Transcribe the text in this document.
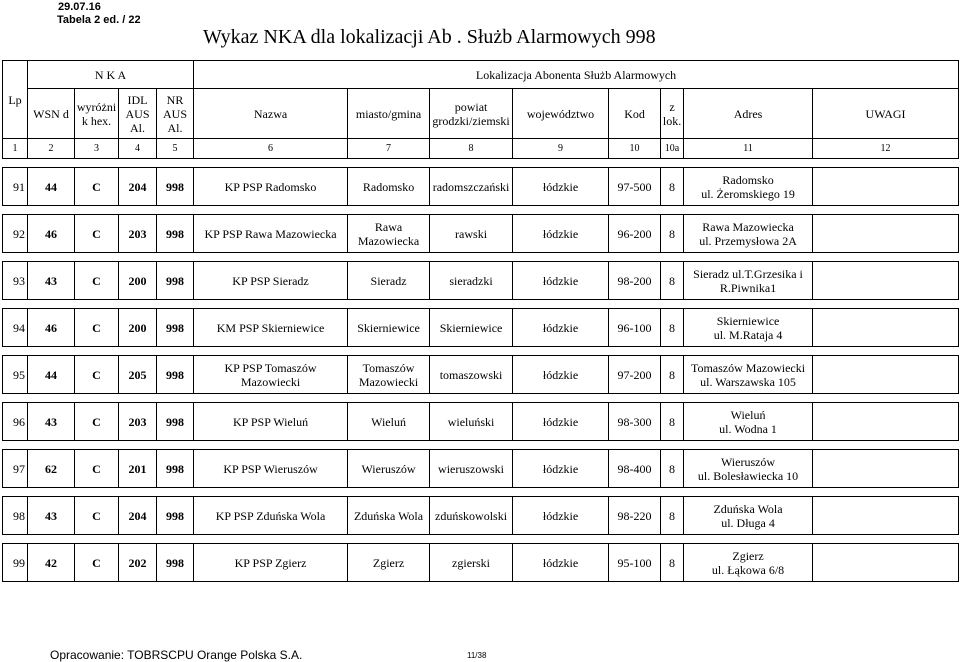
29.07.16
Tabela 2 ed. / 22
Wykaz NKA dla lokalizacji Ab . Służb Alarmowych 998
Lp	N K A				Lokalizacja Abonenta Służb Alarmowych							
	WSN d	wyróżni k hex.	IDL AUS Al.	NR AUS Al.	Nazwa	miasto/gmina	powiat grodzki/ziemski	województwo	Kod	z lok.	Adres	UWAGI
1	2	3	4	5	6	7	8	9	10	10a	11	12

91	44	C	204	998	KP PSP Radomsko	Radomsko	radomszczański	łódzkie	97-500	8	Radomsko
ul. Żeromskiego 19	

92	46	C	203	998	KP PSP Rawa Mazowiecka	Rawa Mazowiecka	rawski	łódzkie	96-200	8	Rawa Mazowiecka
ul. Przemysłowa 2A	

93	43	C	200	998	KP PSP Sieradz	Sieradz	sieradzki	łódzkie	98-200	8	Sieradz ul.T.Grzesika i
R.Piwnika1	

94	46	C	200	998	KM PSP Skierniewice	Skierniewice	Skierniewice	łódzkie	96-100	8	Skierniewice
ul. M.Rataja 4	

95	44	C	205	998	KP PSP Tomaszów Mazowiecki	Tomaszów Mazowiecki	tomaszowski	łódzkie	97-200	8	Tomaszów Mazowiecki
ul. Warszawska 105	

96	43	C	203	998	KP PSP Wieluń	Wieluń	wieluński	łódzkie	98-300	8	Wieluń
ul. Wodna 1	

97	62	C	201	998	KP PSP Wieruszów	Wieruszów	wieruszowski	łódzkie	98-400	8	Wieruszów
ul. Bolesławiecka 10	

98	43	C	204	998	KP PSP Zduńska Wola	Zduńska Wola	zduńskowolski	łódzkie	98-220	8	Zduńska Wola
ul. Długa 4	

99	42	C	202	998	KP PSP Zgierz	Zgierz	zgierski	łódzkie	95-100	8	Zgierz
ul. Łąkowa 6/8	

Opracowanie: TOBRSCPU Orange Polska S.A.	11/38
